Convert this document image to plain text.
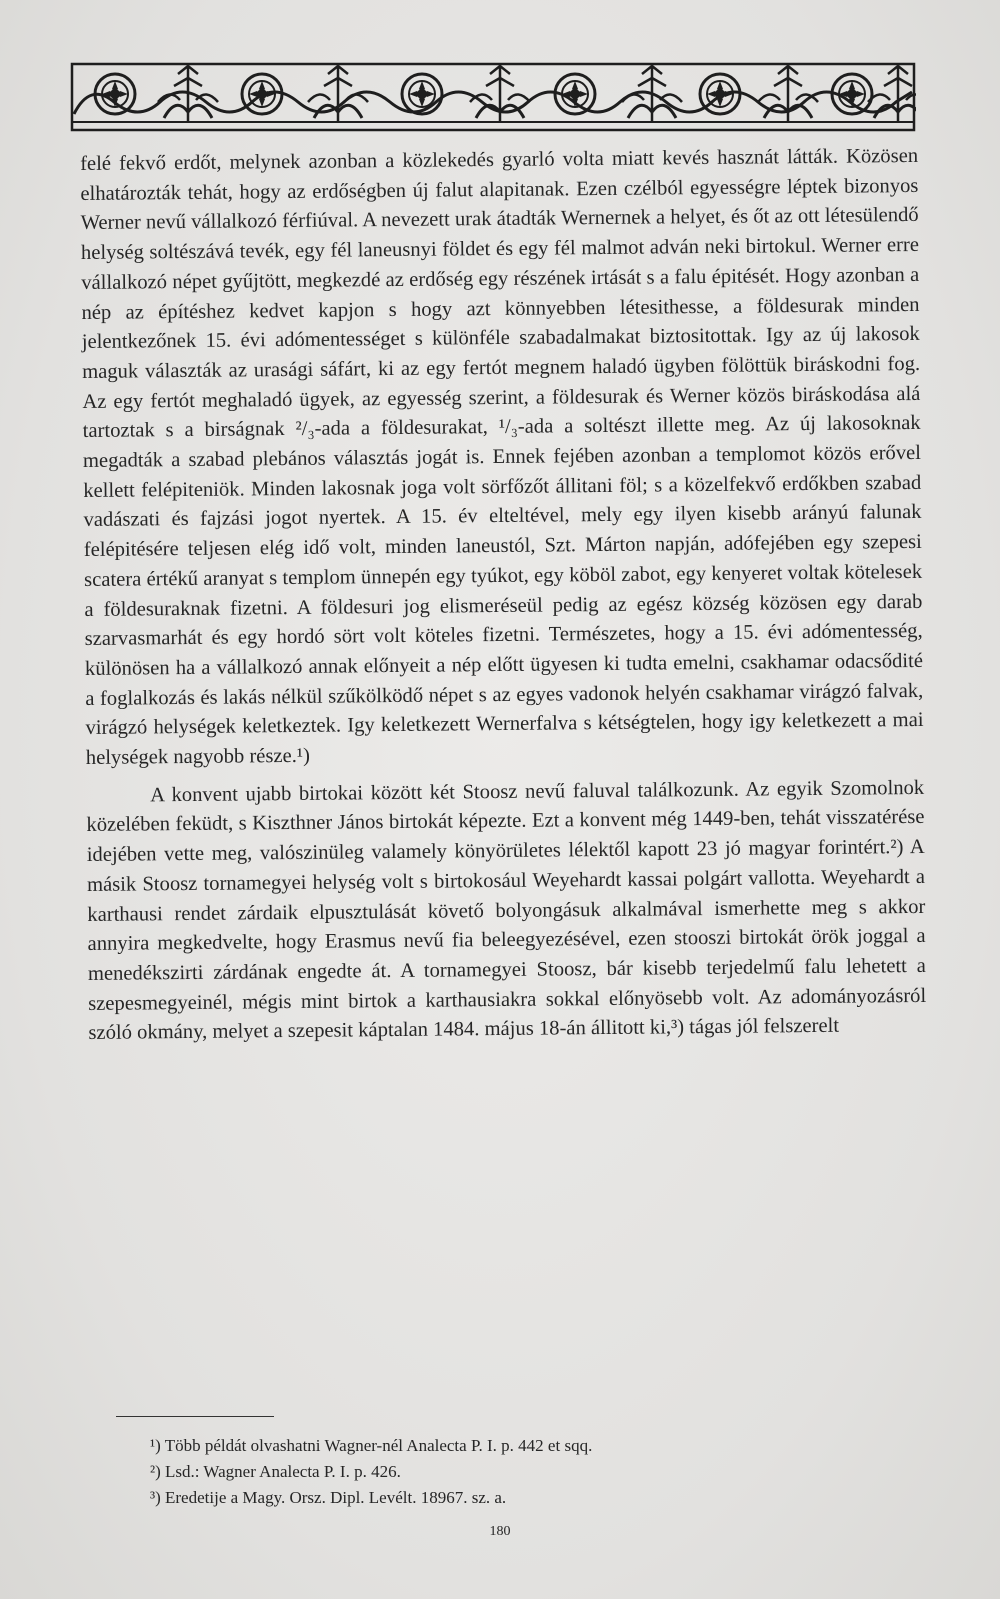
felé fekvő erdőt, melynek azonban a közlekedés gyarló volta miatt kevés hasznát látták. Közösen elhatározták tehát, hogy az erdőségben új falut alapitanak. Ezen czélból egyességre léptek bizonyos Werner nevű vállalkozó férfiúval. A nevezett urak átadták Wernernek a helyet, és őt az ott létesülendő helység soltészává tevék, egy fél laneusnyi földet és egy fél malmot adván neki birtokul. Werner erre vállalkozó népet gyűjtött, megkezdé az erdőség egy részének irtását s a falu épitését. Hogy azonban a nép az építéshez kedvet kapjon s hogy azt könnyebben létesithesse, a földesurak minden jelentkezőnek 15. évi adómentességet s különféle szabadalmakat biztositottak. Igy az új lakosok maguk választák az urasági sáfárt, ki az egy fertót megnem haladó ügyben fölöttük biráskodni fog. Az egy fertót meghaladó ügyek, az egyesség szerint, a földesurak és Werner közös biráskodása alá tartoztak s a birságnak ²/₃-ada a földesurakat, ¹/₃-ada a soltészt illette meg. Az új lakosoknak megadták a szabad plebános választás jogát is. Ennek fejében azonban a templomot közös erővel kellett felépiteniök. Minden lakosnak joga volt sörfőzőt állitani föl; s a közelfekvő erdőkben szabad vadászati és fajzási jogot nyertek. A 15. év elteltével, mely egy ilyen kisebb arányú falunak felépitésére teljesen elég idő volt, minden laneustól, Szt. Márton napján, adófejében egy szepesi scatera értékű aranyat s templom ünnepén egy tyúkot, egy köböl zabot, egy kenyeret voltak kötelesek a földesuraknak fizetni. A földesuri jog elismeréseül pedig az egész község közösen egy darab szarvasmarhát és egy hordó sört volt köteles fizetni. Természetes, hogy a 15. évi adómentesség, különösen ha a vállalkozó annak előnyeit a nép előtt ügyesen ki tudta emelni, csakhamar odacsődité a foglalkozás és lakás nélkül szűkölködő népet s az egyes vadonok helyén csakhamar virágzó falvak, virágzó helységek keletkeztek. Igy keletkezett Wernerfalva s kétségtelen, hogy igy keletkezett a mai helységek nagyobb része.¹)

A konvent ujabb birtokai között két Stoosz nevű faluval találkozunk. Az egyik Szomolnok közelében feküdt, s Kiszthner János birtokát képezte. Ezt a konvent még 1449-ben, tehát visszatérése idejében vette meg, valószinüleg valamely könyörületes lélektől kapott 23 jó magyar forintért.²) A másik Stoosz tornamegyei helység volt s birtokosául Weyehardt kassai polgárt vallotta. Weyehardt a karthausi rendet zárdaik elpusztulását követő bolyongásuk alkalmával ismerhette meg s akkor annyira megkedvelte, hogy Erasmus nevű fia beleegyezésével, ezen stooszi birtokát örök joggal a menedékszirti zárdának engedte át. A tornamegyei Stoosz, bár kisebb terjedelmű falu lehetett a szepesmegyeinél, mégis mint birtok a karthausiakra sokkal előnyösebb volt. Az adományozásról szóló okmány, melyet a szepesit káptalan 1484. május 18-án állitott ki,³) tágas jól felszerelt

¹) Több példát olvashatni Wagner-nél Analecta P. I. p. 442 et sqq.
²) Lsd.: Wagner Analecta P. I. p. 426.
³) Eredetije a Magy. Orsz. Dipl. Levélt. 18967. sz. a.
180
